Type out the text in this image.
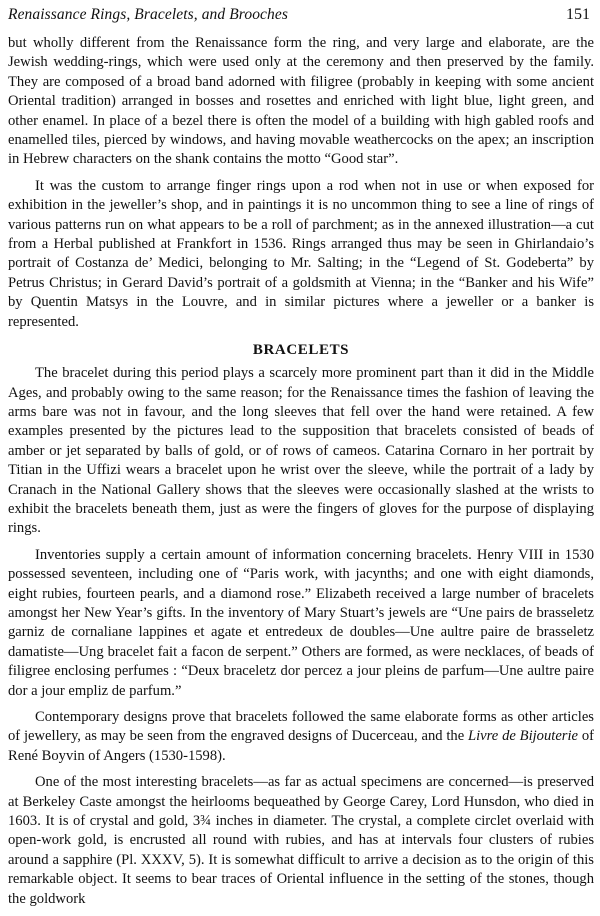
Renaissance Rings, Bracelets, and Brooches	151

but wholly different from the Renaissance form the ring, and very large and elaborate, are the Jewish wedding-rings, which were used only at the ceremony and then preserved by the family. They are composed of a broad band adorned with filigree (probably in keeping with some ancient Oriental tradition) arranged in bosses and rosettes and enriched with light blue, light green, and other enamel. In place of a bezel there is often the model of a building with high gabled roofs and enamelled tiles, pierced by windows, and having movable weathercocks on the apex; an inscription in Hebrew characters on the shank contains the motto “Good star”.

It was the custom to arrange finger rings upon a rod when not in use or when exposed for exhibition in the jeweller’s shop, and in paintings it is no uncommon thing to see a line of rings of various patterns run on what appears to be a roll of parchment; as in the annexed illustration—a cut from a Herbal published at Frankfort in 1536. Rings arranged thus may be seen in Ghirlandaio’s portrait of Costanza de’ Medici, belonging to Mr. Salting; in the “Legend of St. Godeberta” by Petrus Christus; in Gerard David’s portrait of a goldsmith at Vienna; in the “Banker and his Wife” by Quentin Matsys in the Louvre, and in similar pictures where a jeweller or a banker is represented.

BRACELETS

The bracelet during this period plays a scarcely more prominent part than it did in the Middle Ages, and probably owing to the same reason; for the Renaissance times the fashion of leaving the arms bare was not in favour, and the long sleeves that fell over the hand were retained. A few examples presented by the pictures lead to the supposition that bracelets consisted of beads of amber or jet separated by balls of gold, or of rows of cameos. Catarina Cornaro in her portrait by Titian in the Uffizi wears a bracelet upon he wrist over the sleeve, while the portrait of a lady by Cranach in the National Gallery shows that the sleeves were occasionally slashed at the wrists to exhibit the bracelets beneath them, just as were the fingers of gloves for the purpose of displaying rings.

Inventories supply a certain amount of information concerning bracelets. Henry VIII in 1530 possessed seventeen, including one of “Paris work, with jacynths; and one with eight diamonds, eight rubies, fourteen pearls, and a diamond rose.” Elizabeth received a large number of bracelets amongst her New Year’s gifts. In the inventory of Mary Stuart’s jewels are “Une pairs de brasseletz garniz de cornaliane lappines et agate et entredeux de doubles—Une aultre paire de brasseletz damatiste—Ung bracelet fait a facon de serpent.” Others are formed, as were necklaces, of beads of filigree enclosing perfumes : “Deux braceletz dor percez a jour pleins de parfum—Une aultre paire dor a jour empliz de parfum.”

Contemporary designs prove that bracelets followed the same elaborate forms as other articles of jewellery, as may be seen from the engraved designs of Ducerceau, and the Livre de Bijouterie of René Boyvin of Angers (1530-1598).

One of the most interesting bracelets—as far as actual specimens are concerned—is preserved at Berkeley Caste amongst the heirlooms bequeathed by George Carey, Lord Hunsdon, who died in 1603. It is of crystal and gold, 3¾ inches in diameter. The crystal, a complete circlet overlaid with open-work gold, is encrusted all round with rubies, and has at intervals four clusters of rubies around a sapphire (Pl. XXXV, 5). It is somewhat difficult to arrive a decision as to the origin of this remarkable object. It seems to bear traces of Oriental influence in the setting of the stones, though the goldwork
